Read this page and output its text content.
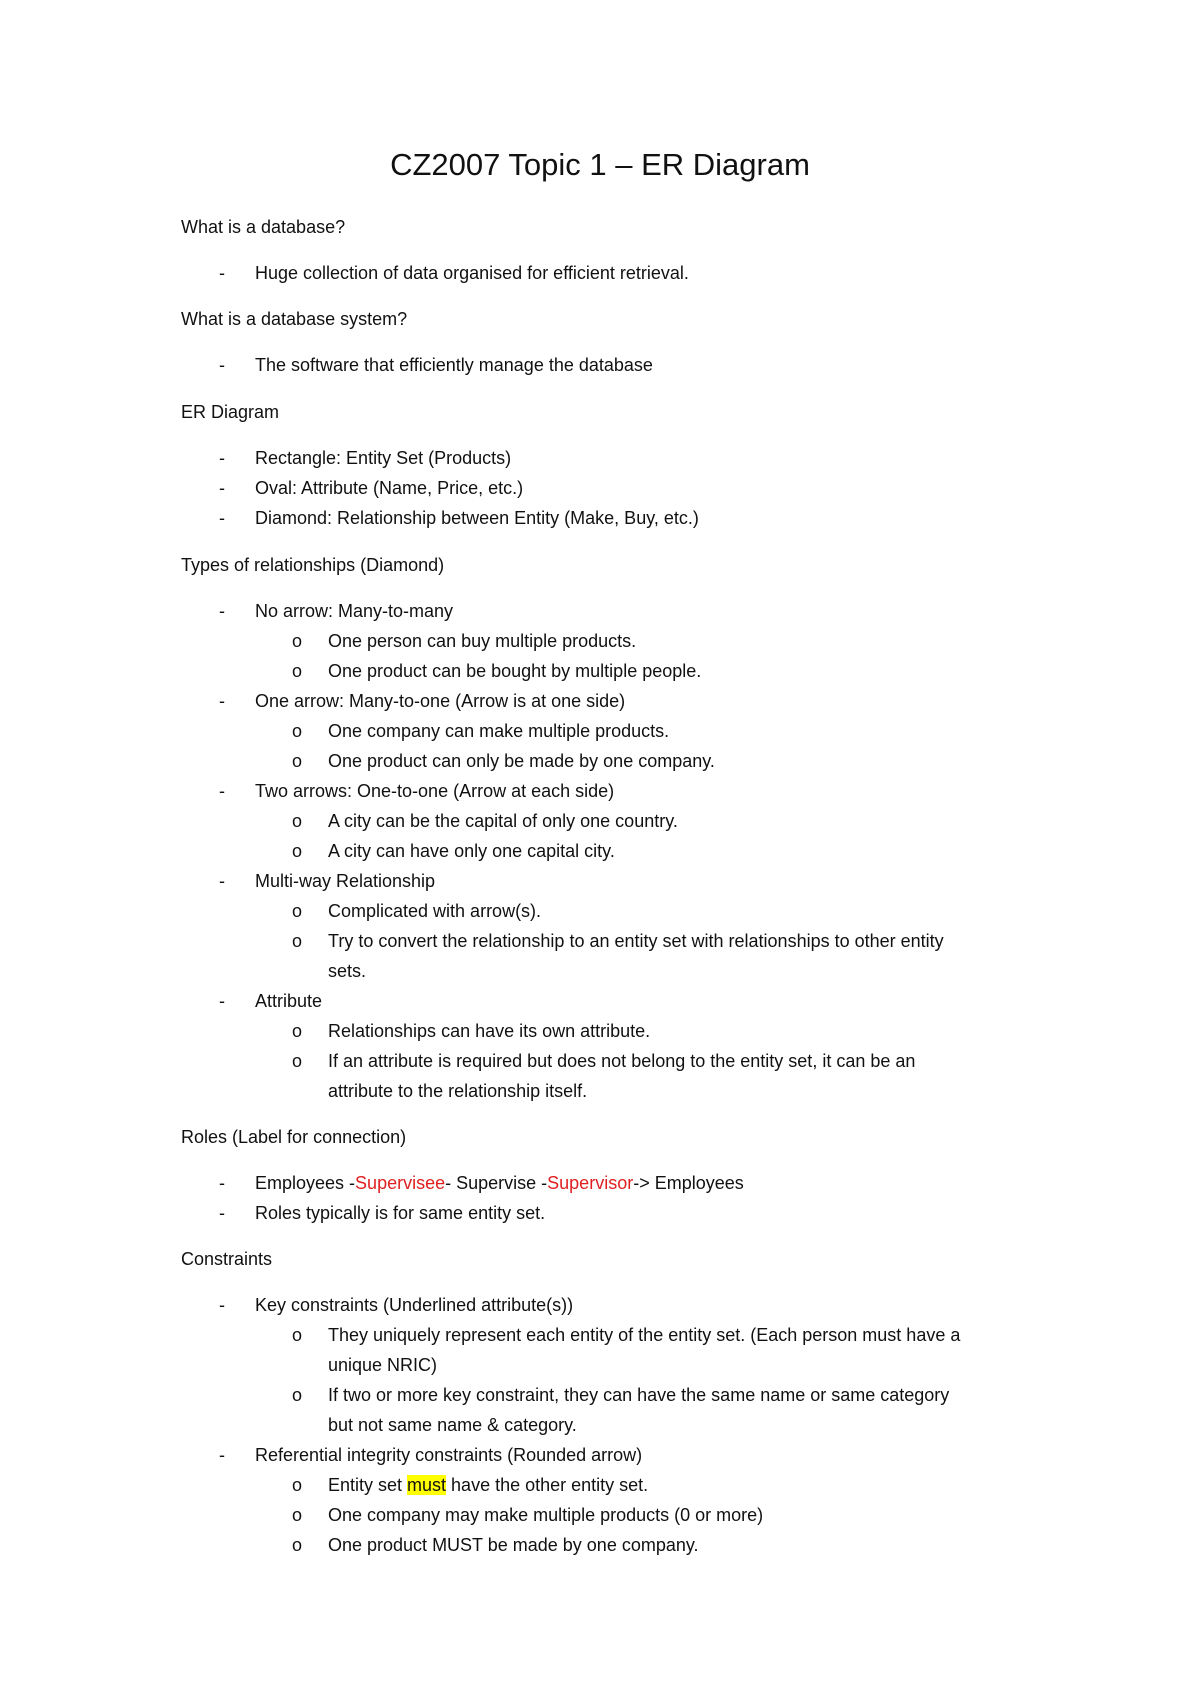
CZ2007 Topic 1 – ER Diagram
What is a database?
Huge collection of data organised for efficient retrieval.
What is a database system?
The software that efficiently manage the database
ER Diagram
Rectangle: Entity Set (Products)
Oval: Attribute (Name, Price, etc.)
Diamond: Relationship between Entity (Make, Buy, etc.)
Types of relationships (Diamond)
No arrow: Many-to-many
One person can buy multiple products.
One product can be bought by multiple people.
One arrow: Many-to-one (Arrow is at one side)
One company can make multiple products.
One product can only be made by one company.
Two arrows: One-to-one (Arrow at each side)
A city can be the capital of only one country.
A city can have only one capital city.
Multi-way Relationship
Complicated with arrow(s).
Try to convert the relationship to an entity set with relationships to other entity
sets.
Attribute
Relationships can have its own attribute.
If an attribute is required but does not belong to the entity set, it can be an
attribute to the relationship itself.
Roles (Label for connection)
Employees -Supervisee- Supervise -Supervisor-> Employees
Roles typically is for same entity set.
Constraints
Key constraints (Underlined attribute(s))
They uniquely represent each entity of the entity set. (Each person must have a
unique NRIC)
If two or more key constraint, they can have the same name or same category
but not same name & category.
Referential integrity constraints (Rounded arrow)
Entity set must have the other entity set.
One company may make multiple products (0 or more)
One product MUST be made by one company.
